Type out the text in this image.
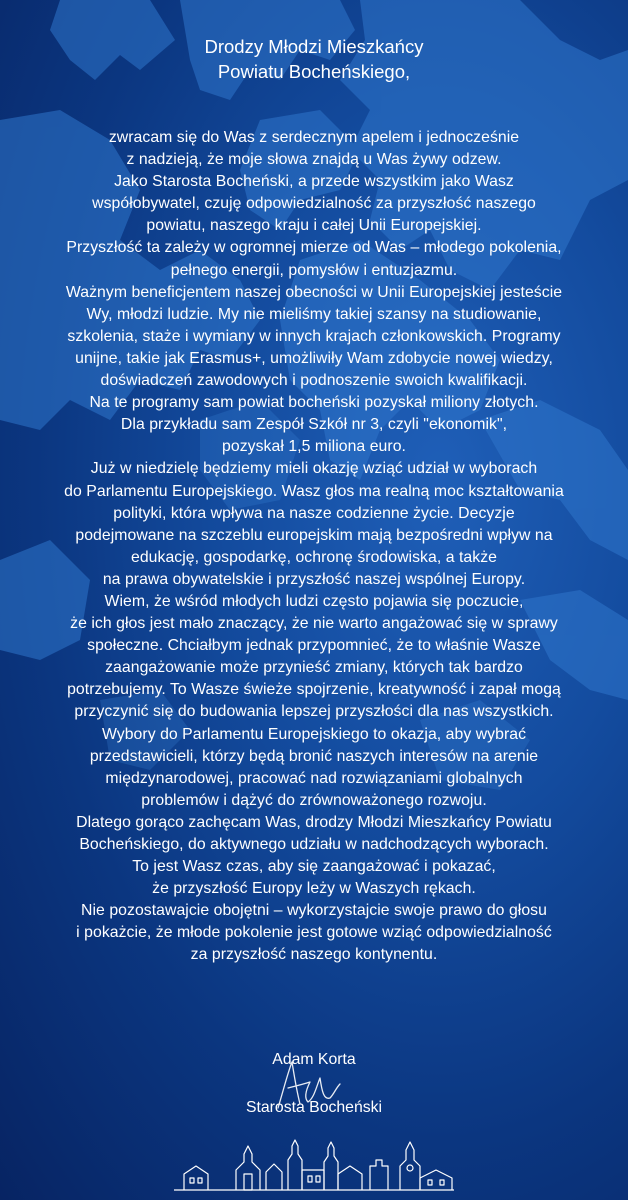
Drodzy Młodzi Mieszkańcy
Powiatu Bocheńskiego,
zwracam się do Was z serdecznym apelem i jednocześnie
z nadzieją, że moje słowa znajdą u Was żywy odzew.
Jako Starosta Bocheński, a przede wszystkim jako Wasz
współobywatel, czuję odpowiedzialność za przyszłość naszego
powiatu, naszego kraju i całej Unii Europejskiej.
Przyszłość ta zależy w ogromnej mierze od Was – młodego pokolenia,
pełnego energii, pomysłów i entuzjazmu.
Ważnym beneficjentem naszej obecności w Unii Europejskiej jesteście
Wy, młodzi ludzie. My nie mieliśmy takiej szansy na studiowanie,
szkolenia, staże i wymiany w innych krajach członkowskich. Programy
unijne, takie jak Erasmus+, umożliwiły Wam zdobycie nowej wiedzy,
doświadczeń zawodowych i podnoszenie swoich kwalifikacji.
Na te programy sam powiat bocheński pozyskał miliony złotych.
Dla przykładu sam Zespół Szkół nr 3, czyli "ekonomik",
pozyskał 1,5 miliona euro.
Już w niedzielę będziemy mieli okazję wziąć udział w wyborach
do Parlamentu Europejskiego. Wasz głos ma realną moc kształtowania
polityki, która wpływa na nasze codzienne życie. Decyzje
podejmowane na szczeblu europejskim mają bezpośredni wpływ na
edukację, gospodarkę, ochronę środowiska, a także
na prawa obywatelskie i przyszłość naszej wspólnej Europy.
Wiem, że wśród młodych ludzi często pojawia się poczucie,
że ich głos jest mało znaczący, że nie warto angażować się w sprawy
społeczne. Chciałbym jednak przypomnieć, że to właśnie Wasze
zaangażowanie może przynieść zmiany, których tak bardzo
potrzebujemy. To Wasze świeże spojrzenie, kreatywność i zapał mogą
przyczynić się do budowania lepszej przyszłości dla nas wszystkich.
Wybory do Parlamentu Europejskiego to okazja, aby wybrać
przedstawicieli, którzy będą bronić naszych interesów na arenie
międzynarodowej, pracować nad rozwiązaniami globalnych
problemów i dążyć do zrównoważonego rozwoju.
Dlatego gorąco zachęcam Was, drodzy Młodzi Mieszkańcy Powiatu
Bocheńskiego, do aktywnego udziału w nadchodzących wyborach.
To jest Wasz czas, aby się zaangażować i pokazać,
że przyszłość Europy leży w Waszych rękach.
Nie pozostawajcie obojętni – wykorzystajcie swoje prawo do głosu
i pokażcie, że młode pokolenie jest gotowe wziąć odpowiedzialność
za przyszłość naszego kontynentu.
Adam Korta
Starosta Bocheński
